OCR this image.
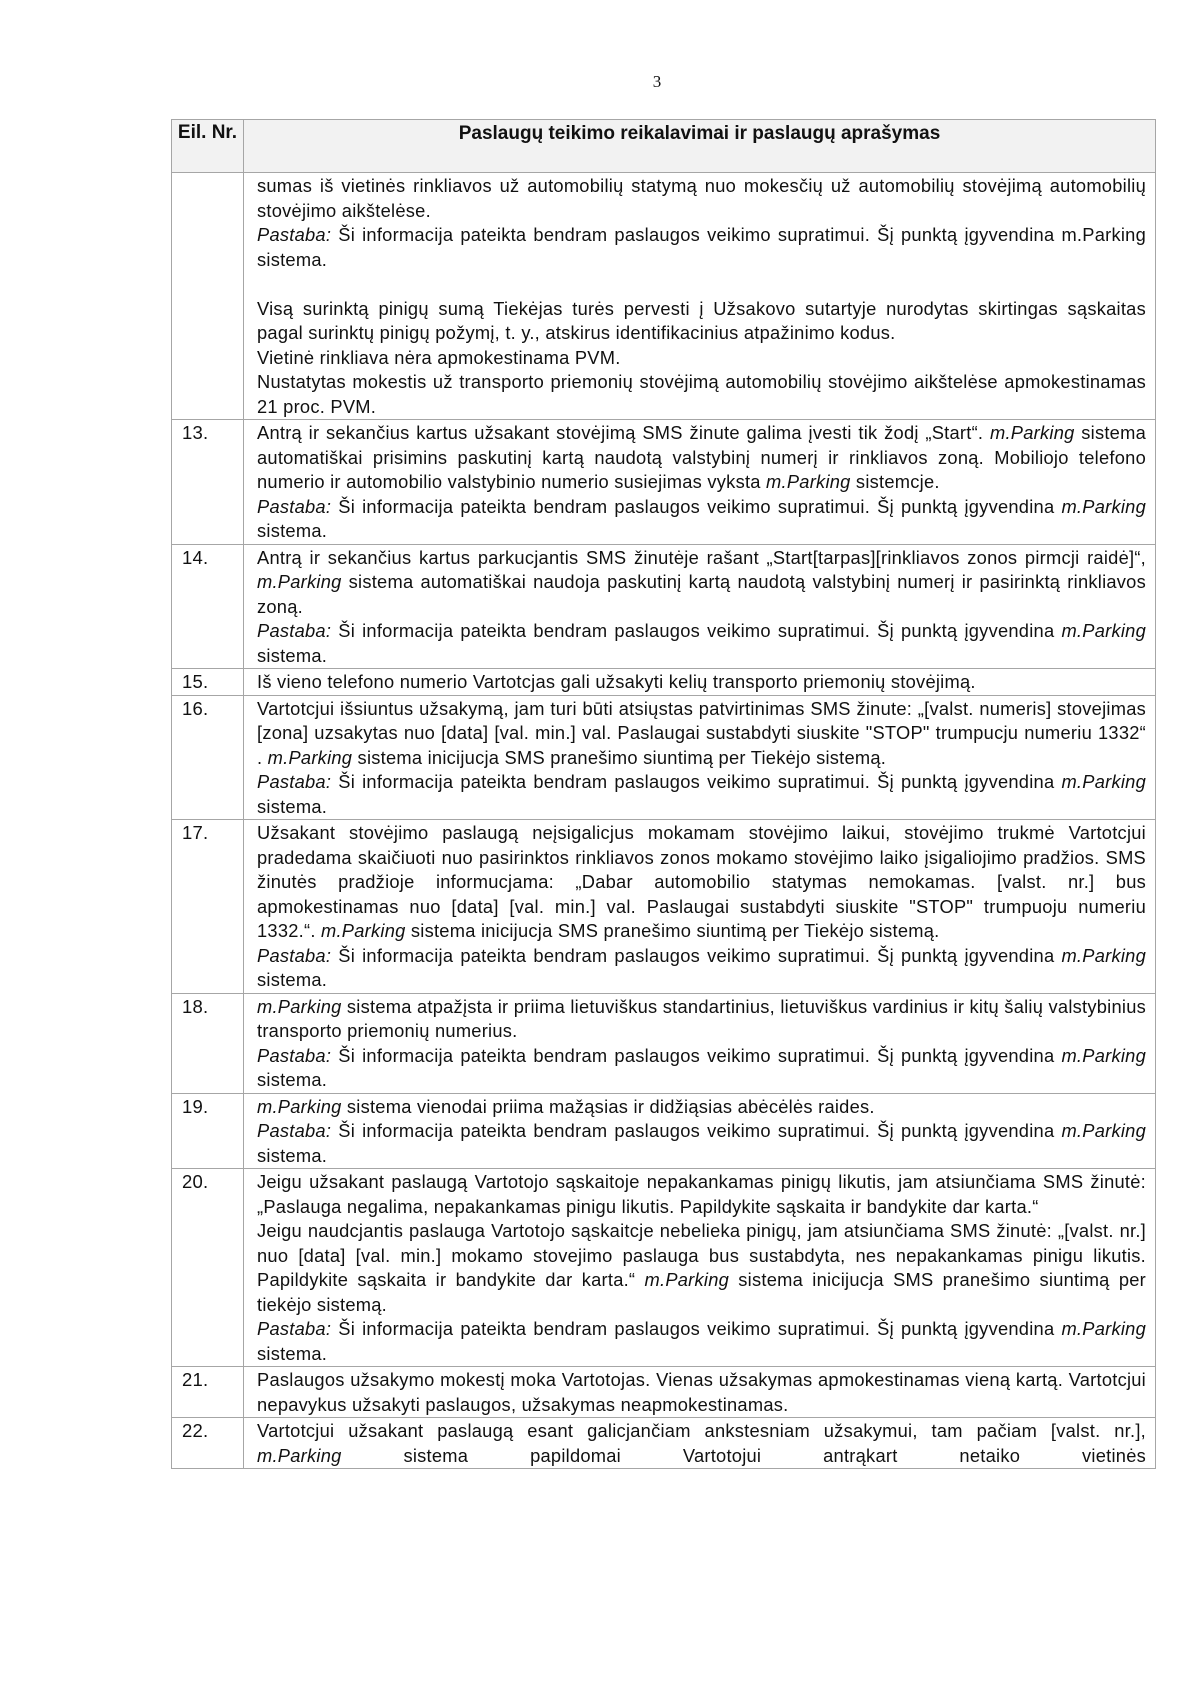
3
Eil. Nr.	Paslaugų teikimo reikalavimai ir paslaugų aprašymas

	sumas iš vietinės rinkliavos už automobilių statymą nuo mokesčių už automobilių stovėjimą automobilių stovėjimo aikštelėse.
Pastaba: Ši informacija pateikta bendram paslaugos veikimo supratimui. Šį punktą įgyvendina m.Parking sistema.
Visą surinktą pinigų sumą Tiekėjas turės pervesti į Užsakovo sutartyje nurodytas skirtingas sąskaitas pagal surinktų pinigų požymį, t. y., atskirus identifikacinius atpažinimo kodus.
Vietinė rinkliava nėra apmokestinama PVM.
Nustatytas mokestis už transporto priemonių stovėjimą automobilių stovėjimo aikštelėse apmokestinamas 21 proc. PVM.

13.	Antrą ir sekančius kartus užsakant stovėjimą SMS žinute galima įvesti tik žodį „Start“. m.Parking sistema automatiškai prisimins paskutinį kartą naudotą valstybinį numerį ir rinkliavos zoną. Mobiliojo telefono numerio ir automobilio valstybinio numerio susiejimas vyksta m.Parking sistemcje.
Pastaba: Ši informacija pateikta bendram paslaugos veikimo supratimui. Šį punktą įgyvendina m.Parking sistema.

14.	Antrą ir sekančius kartus parkucjantis SMS žinutėje rašant „Start[tarpas][rinkliavos zonos pirmcji raidė]“, m.Parking sistema automatiškai naudoja paskutinį kartą naudotą valstybinį numerį ir pasirinktą rinkliavos zoną.
Pastaba: Ši informacija pateikta bendram paslaugos veikimo supratimui. Šį punktą įgyvendina m.Parking sistema.

15.	Iš vieno telefono numerio Vartotcjas gali užsakyti kelių transporto priemonių stovėjimą.

16.	Vartotcjui išsiuntus užsakymą, jam turi būti atsiųstas patvirtinimas SMS žinute: „[valst. numeris] stovejimas [zona] uzsakytas nuo [data] [val. min.] val. Paslaugai sustabdyti siuskite "STOP" trumpucju numeriu 1332“ . m.Parking sistema inicijucja SMS pranešimo siuntimą per Tiekėjo sistemą.
Pastaba: Ši informacija pateikta bendram paslaugos veikimo supratimui. Šį punktą įgyvendina m.Parking sistema.

17.	Užsakant stovėjimo paslaugą neįsigalicjus mokamam stovėjimo laikui, stovėjimo trukmė Vartotcjui pradedama skaičiuoti nuo pasirinktos rinkliavos zonos mokamo stovėjimo laiko įsigaliojimo pradžios. SMS žinutės pradžioje informucjama: „Dabar automobilio statymas nemokamas. [valst. nr.] bus apmokestinamas nuo [data] [val. min.] val. Paslaugai sustabdyti siuskite "STOP" trumpuoju numeriu 1332.“. m.Parking sistema inicijucja SMS pranešimo siuntimą per Tiekėjo sistemą.
Pastaba: Ši informacija pateikta bendram paslaugos veikimo supratimui. Šį punktą įgyvendina m.Parking sistema.

18.	m.Parking sistema atpažįsta ir priima lietuviškus standartinius, lietuviškus vardinius ir kitų šalių valstybinius transporto priemonių numerius.
Pastaba: Ši informacija pateikta bendram paslaugos veikimo supratimui. Šį punktą įgyvendina m.Parking sistema.

19.	m.Parking sistema vienodai priima mažąsias ir didžiąsias abėcėlės raides.
Pastaba: Ši informacija pateikta bendram paslaugos veikimo supratimui. Šį punktą įgyvendina m.Parking sistema.

20.	Jeigu užsakant paslaugą Vartotojo sąskaitoje nepakankamas pinigų likutis, jam atsiunčiama SMS žinutė: „Paslauga negalima, nepakankamas pinigu likutis. Papildykite sąskaita ir bandykite dar karta.“
Jeigu naudcjantis paslauga Vartotojo sąskaitcje nebelieka pinigų, jam atsiunčiama SMS žinutė: „[valst. nr.] nuo [data] [val. min.] mokamo stovejimo paslauga bus sustabdyta, nes nepakankamas pinigu likutis. Papildykite sąskaita ir bandykite dar karta.“ m.Parking sistema inicijucja SMS pranešimo siuntimą per tiekėjo sistemą.
Pastaba: Ši informacija pateikta bendram paslaugos veikimo supratimui. Šį punktą įgyvendina m.Parking sistema.

21.	Paslaugos užsakymo mokestį moka Vartotojas. Vienas užsakymas apmokestinamas vieną kartą. Vartotcjui nepavykus užsakyti paslaugos, užsakymas neapmokestinamas.

22.	Vartotcjui užsakant paslaugą esant galicjančiam ankstesniam užsakymui, tam pačiam [valst. nr.], m.Parking sistema papildomai Vartotojui antrąkart netaiko vietinės
